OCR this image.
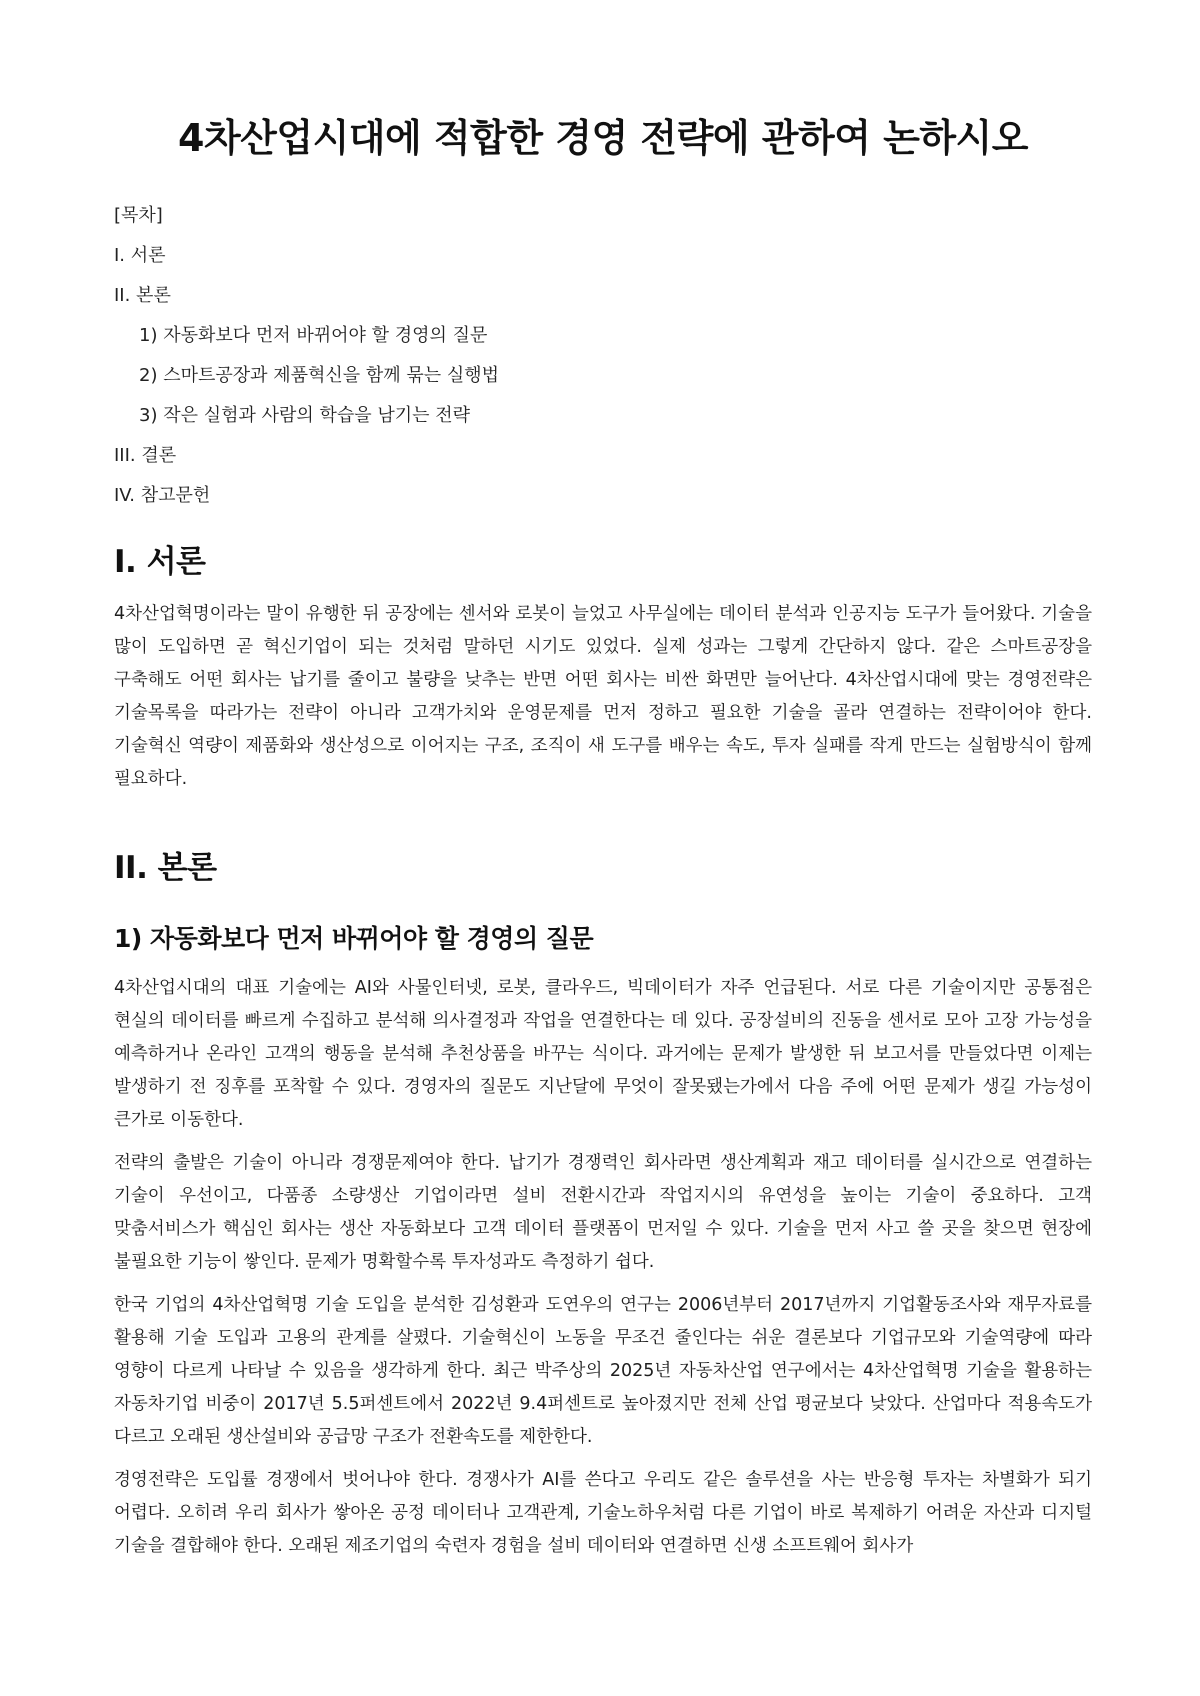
4차산업시대에 적합한 경영 전략에 관하여 논하시오
[목차]
I. 서론
II. 본론
1) 자동화보다 먼저 바뀌어야 할 경영의 질문
2) 스마트공장과 제품혁신을 함께 묶는 실행법
3) 작은 실험과 사람의 학습을 남기는 전략
III. 결론
IV. 참고문헌
I. 서론

4차산업혁명이라는 말이 유행한 뒤 공장에는 센서와 로봇이 늘었고 사무실에는 데이터 분석과 인공지능 도구가 들어왔다. 기술을 많이 도입하면 곧 혁신기업이 되는 것처럼 말하던 시기도 있었다. 실제 성과는 그렇게 간단하지 않다. 같은 스마트공장을 구축해도 어떤 회사는 납기를 줄이고 불량을 낮추는 반면 어떤 회사는 비싼 화면만 늘어난다. 4차산업시대에 맞는 경영전략은 기술목록을 따라가는 전략이 아니라 고객가치와 운영문제를 먼저 정하고 필요한 기술을 골라 연결하는 전략이어야 한다. 기술혁신 역량이 제품화와 생산성으로 이어지는 구조, 조직이 새 도구를 배우는 속도, 투자 실패를 작게 만드는 실험방식이 함께 필요하다.

II. 본론
1) 자동화보다 먼저 바뀌어야 할 경영의 질문

4차산업시대의 대표 기술에는 AI와 사물인터넷, 로봇, 클라우드, 빅데이터가 자주 언급된다. 서로 다른 기술이지만 공통점은 현실의 데이터를 빠르게 수집하고 분석해 의사결정과 작업을 연결한다는 데 있다. 공장설비의 진동을 센서로 모아 고장 가능성을 예측하거나 온라인 고객의 행동을 분석해 추천상품을 바꾸는 식이다. 과거에는 문제가 발생한 뒤 보고서를 만들었다면 이제는 발생하기 전 징후를 포착할 수 있다. 경영자의 질문도 지난달에 무엇이 잘못됐는가에서 다음 주에 어떤 문제가 생길 가능성이 큰가로 이동한다.

전략의 출발은 기술이 아니라 경쟁문제여야 한다. 납기가 경쟁력인 회사라면 생산계획과 재고 데이터를 실시간으로 연결하는 기술이 우선이고, 다품종 소량생산 기업이라면 설비 전환시간과 작업지시의 유연성을 높이는 기술이 중요하다. 고객 맞춤서비스가 핵심인 회사는 생산 자동화보다 고객 데이터 플랫폼이 먼저일 수 있다. 기술을 먼저 사고 쓸 곳을 찾으면 현장에 불필요한 기능이 쌓인다. 문제가 명확할수록 투자성과도 측정하기 쉽다.

한국 기업의 4차산업혁명 기술 도입을 분석한 김성환과 도연우의 연구는 2006년부터 2017년까지 기업활동조사와 재무자료를 활용해 기술 도입과 고용의 관계를 살폈다. 기술혁신이 노동을 무조건 줄인다는 쉬운 결론보다 기업규모와 기술역량에 따라 영향이 다르게 나타날 수 있음을 생각하게 한다. 최근 박주상의 2025년 자동차산업 연구에서는 4차산업혁명 기술을 활용하는 자동차기업 비중이 2017년 5.5퍼센트에서 2022년 9.4퍼센트로 높아졌지만 전체 산업 평균보다 낮았다. 산업마다 적용속도가 다르고 오래된 생산설비와 공급망 구조가 전환속도를 제한한다.

경영전략은 도입률 경쟁에서 벗어나야 한다. 경쟁사가 AI를 쓴다고 우리도 같은 솔루션을 사는 반응형 투자는 차별화가 되기 어렵다. 오히려 우리 회사가 쌓아온 공정 데이터나 고객관계, 기술노하우처럼 다른 기업이 바로 복제하기 어려운 자산과 디지털 기술을 결합해야 한다. 오래된 제조기업의 숙련자 경험을 설비 데이터와 연결하면 신생 소프트웨어 회사가
